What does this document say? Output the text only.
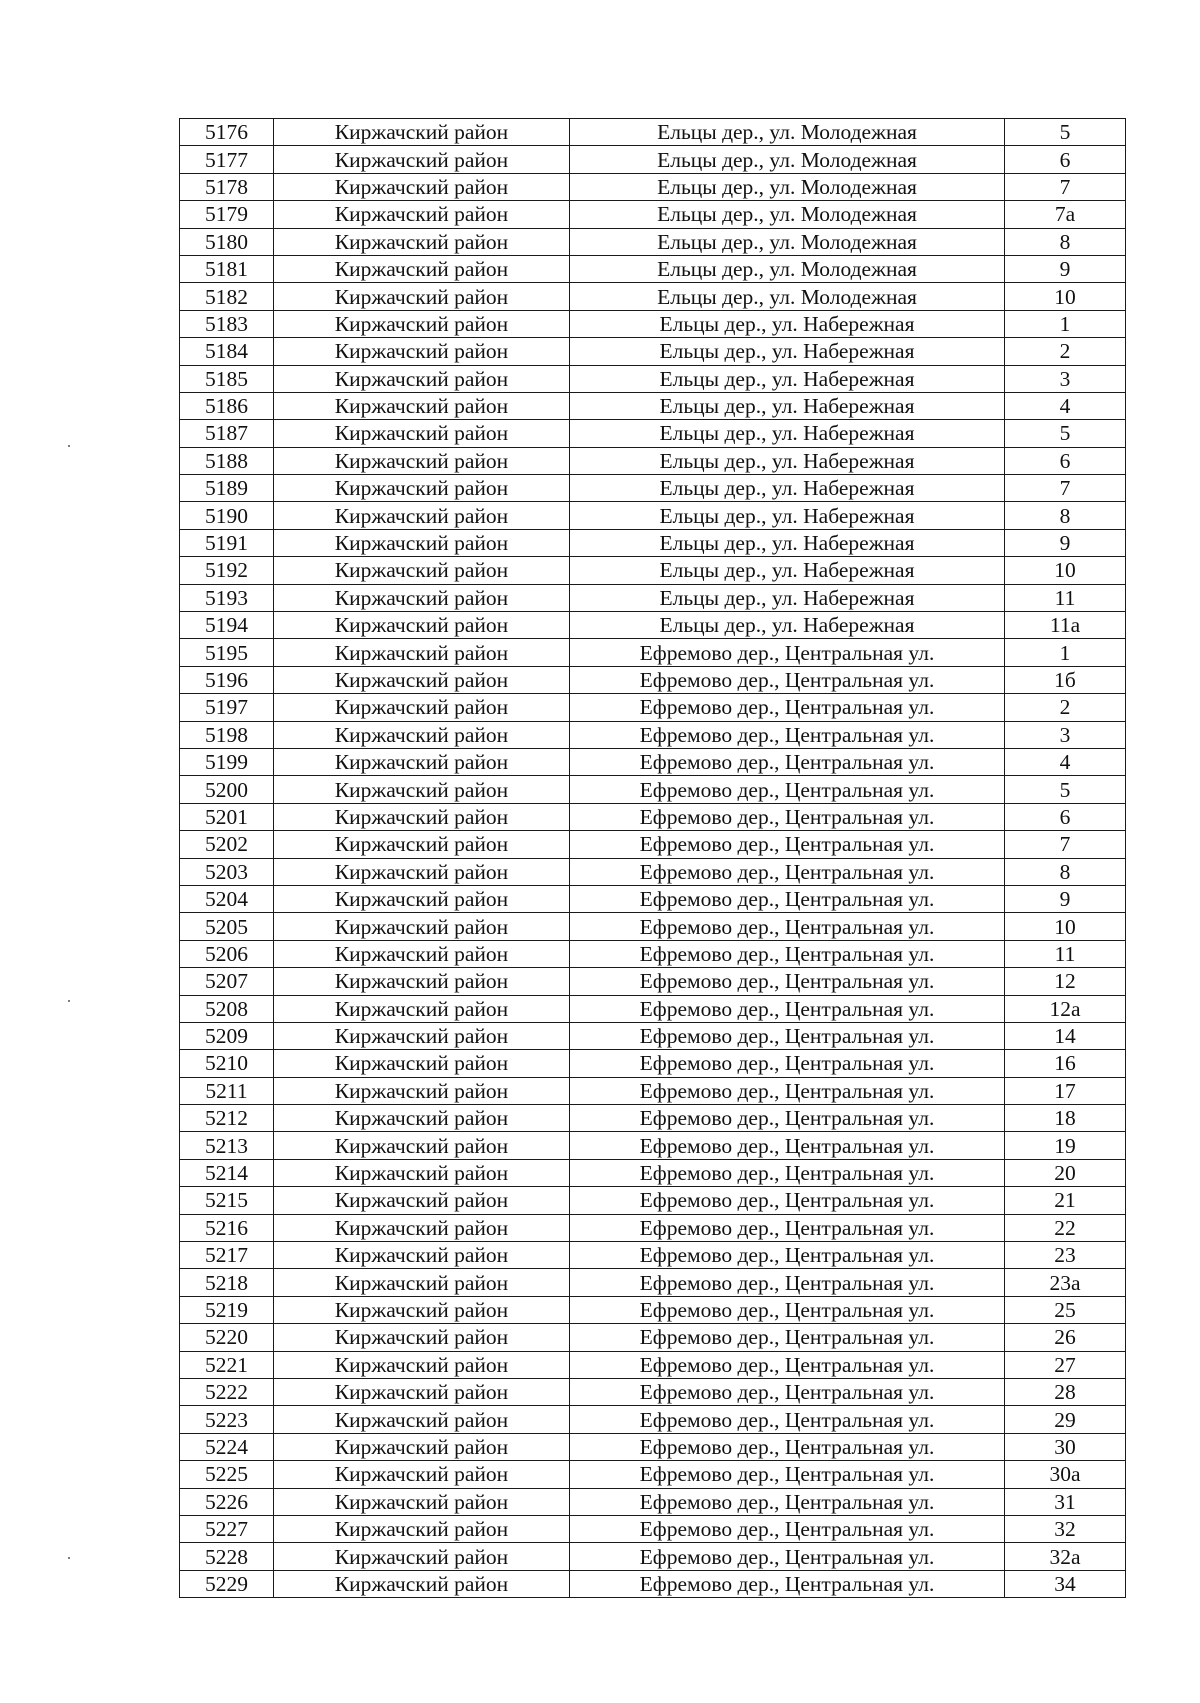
5176	Киржачский район	Ельцы дер., ул. Молодежная	5
5177	Киржачский район	Ельцы дер., ул. Молодежная	6
5178	Киржачский район	Ельцы дер., ул. Молодежная	7
5179	Киржачский район	Ельцы дер., ул. Молодежная	7а
5180	Киржачский район	Ельцы дер., ул. Молодежная	8
5181	Киржачский район	Ельцы дер., ул. Молодежная	9
5182	Киржачский район	Ельцы дер., ул. Молодежная	10
5183	Киржачский район	Ельцы дер., ул. Набережная	1
5184	Киржачский район	Ельцы дер., ул. Набережная	2
5185	Киржачский район	Ельцы дер., ул. Набережная	3
5186	Киржачский район	Ельцы дер., ул. Набережная	4
5187	Киржачский район	Ельцы дер., ул. Набережная	5
5188	Киржачский район	Ельцы дер., ул. Набережная	6
5189	Киржачский район	Ельцы дер., ул. Набережная	7
5190	Киржачский район	Ельцы дер., ул. Набережная	8
5191	Киржачский район	Ельцы дер., ул. Набережная	9
5192	Киржачский район	Ельцы дер., ул. Набережная	10
5193	Киржачский район	Ельцы дер., ул. Набережная	11
5194	Киржачский район	Ельцы дер., ул. Набережная	11а
5195	Киржачский район	Ефремово дер., Центральная ул.	1
5196	Киржачский район	Ефремово дер., Центральная ул.	1б
5197	Киржачский район	Ефремово дер., Центральная ул.	2
5198	Киржачский район	Ефремово дер., Центральная ул.	3
5199	Киржачский район	Ефремово дер., Центральная ул.	4
5200	Киржачский район	Ефремово дер., Центральная ул.	5
5201	Киржачский район	Ефремово дер., Центральная ул.	6
5202	Киржачский район	Ефремово дер., Центральная ул.	7
5203	Киржачский район	Ефремово дер., Центральная ул.	8
5204	Киржачский район	Ефремово дер., Центральная ул.	9
5205	Киржачский район	Ефремово дер., Центральная ул.	10
5206	Киржачский район	Ефремово дер., Центральная ул.	11
5207	Киржачский район	Ефремово дер., Центральная ул.	12
5208	Киржачский район	Ефремово дер., Центральная ул.	12а
5209	Киржачский район	Ефремово дер., Центральная ул.	14
5210	Киржачский район	Ефремово дер., Центральная ул.	16
5211	Киржачский район	Ефремово дер., Центральная ул.	17
5212	Киржачский район	Ефремово дер., Центральная ул.	18
5213	Киржачский район	Ефремово дер., Центральная ул.	19
5214	Киржачский район	Ефремово дер., Центральная ул.	20
5215	Киржачский район	Ефремово дер., Центральная ул.	21
5216	Киржачский район	Ефремово дер., Центральная ул.	22
5217	Киржачский район	Ефремово дер., Центральная ул.	23
5218	Киржачский район	Ефремово дер., Центральная ул.	23а
5219	Киржачский район	Ефремово дер., Центральная ул.	25
5220	Киржачский район	Ефремово дер., Центральная ул.	26
5221	Киржачский район	Ефремово дер., Центральная ул.	27
5222	Киржачский район	Ефремово дер., Центральная ул.	28
5223	Киржачский район	Ефремово дер., Центральная ул.	29
5224	Киржачский район	Ефремово дер., Центральная ул.	30
5225	Киржачский район	Ефремово дер., Центральная ул.	30а
5226	Киржачский район	Ефремово дер., Центральная ул.	31
5227	Киржачский район	Ефремово дер., Центральная ул.	32
5228	Киржачский район	Ефремово дер., Центральная ул.	32а
5229	Киржачский район	Ефремово дер., Центральная ул.	34
